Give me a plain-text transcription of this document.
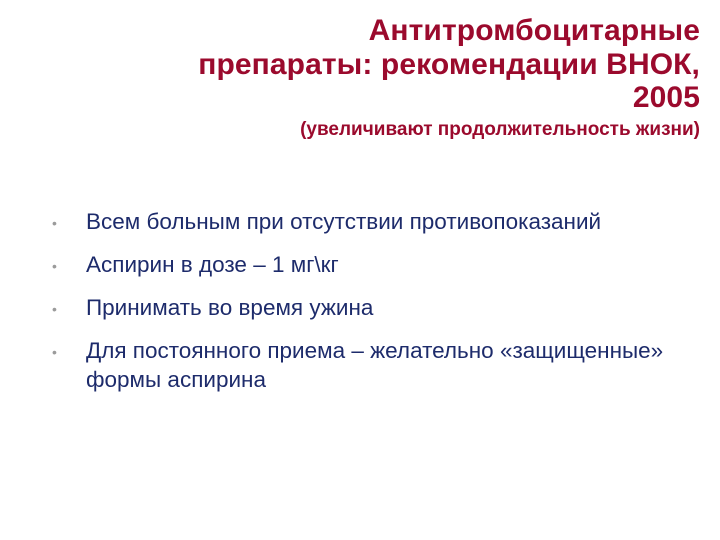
Антитромбоцитарные
препараты: рекомендации ВНОК,
2005
(увеличивают продолжительность жизни)
•	Всем больным при отсутствии противопоказаний
•	Аспирин в дозе – 1 мг\кг
•	Принимать во время ужина
•	Для постоянного приема – желательно «защищенные» формы аспирина
